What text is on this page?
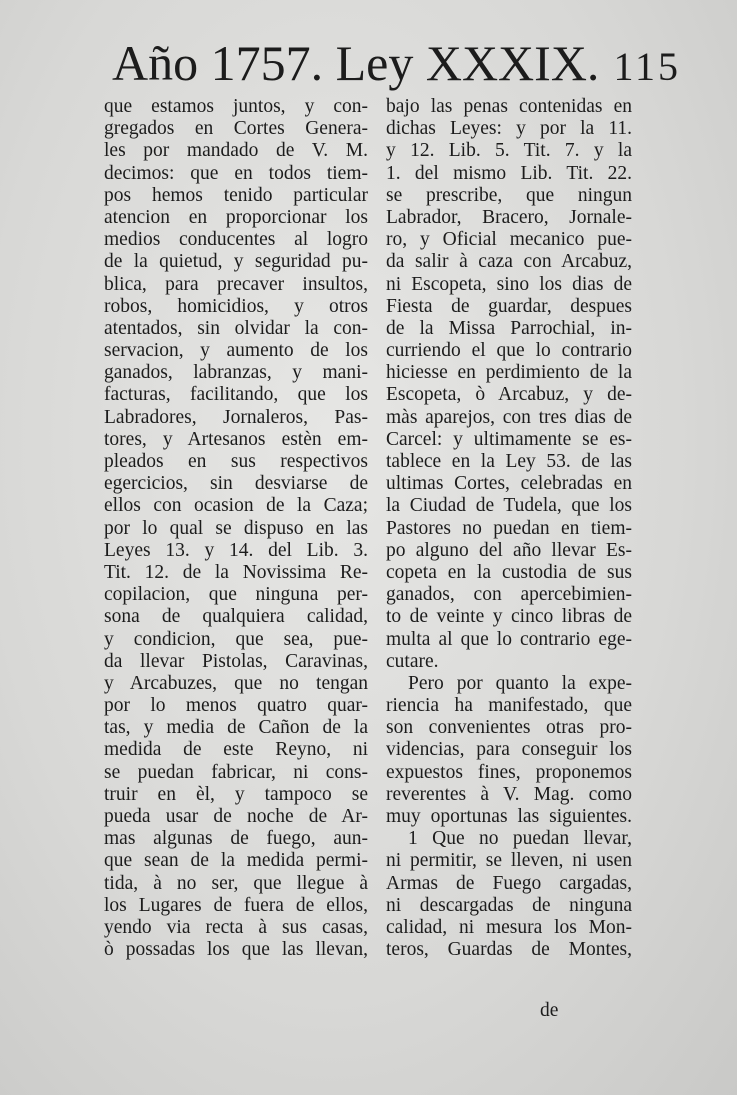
Año 1757. Ley XXXIX. 115
que estamos juntos, y con-
gregados en Cortes Genera-
les por mandado de V. M.
decimos: que en todos tiem-
pos hemos tenido particular
atencion en proporcionar los
medios conducentes al logro
de la quietud, y seguridad pu-
blica, para precaver insultos,
robos, homicidios, y otros
atentados, sin olvidar la con-
servacion, y aumento de los
ganados, labranzas, y mani-
facturas, facilitando, que los
Labradores, Jornaleros, Pas-
tores, y Artesanos estèn em-
pleados en sus respectivos
egercicios, sin desviarse de
ellos con ocasion de la Caza;
por lo qual se dispuso en las
Leyes 13. y 14. del Lib. 3.
Tit. 12. de la Novissima Re-
copilacion, que ninguna per-
sona de qualquiera calidad,
y condicion, que sea, pue-
da llevar Pistolas, Caravinas,
y Arcabuzes, que no tengan
por lo menos quatro quar-
tas, y media de Cañon de la
medida de este Reyno, ni
se puedan fabricar, ni cons-
truir en èl, y tampoco se
pueda usar de noche de Ar-
mas algunas de fuego, aun-
que sean de la medida permi-
tida, à no ser, que llegue à
los Lugares de fuera de ellos,
yendo via recta à sus casas,
ò possadas los que las llevan,
bajo las penas contenidas en
dichas Leyes: y por la 11.
y 12. Lib. 5. Tit. 7. y la
1. del mismo Lib. Tit. 22.
se prescribe, que ningun
Labrador, Bracero, Jornale-
ro, y Oficial mecanico pue-
da salir à caza con Arcabuz,
ni Escopeta, sino los dias de
Fiesta de guardar, despues
de la Missa Parrochial, in-
curriendo el que lo contrario
hiciesse en perdimiento de la
Escopeta, ò Arcabuz, y de-
màs aparejos, con tres dias de
Carcel: y ultimamente se es-
tablece en la Ley 53. de las
ultimas Cortes, celebradas en
la Ciudad de Tudela, que los
Pastores no puedan en tiem-
po alguno del año llevar Es-
copeta en la custodia de sus
ganados, con apercebimien-
to de veinte y cinco libras de
multa al que lo contrario ege-
cutare.
Pero por quanto la expe-
riencia ha manifestado, que
son convenientes otras pro-
videncias, para conseguir los
expuestos fines, proponemos
reverentes à V. Mag. como
muy oportunas las siguientes.
1 Que no puedan llevar,
ni permitir, se lleven, ni usen
Armas de Fuego cargadas,
ni descargadas de ninguna
calidad, ni mesura los Mon-
teros, Guardas de Montes,
de
